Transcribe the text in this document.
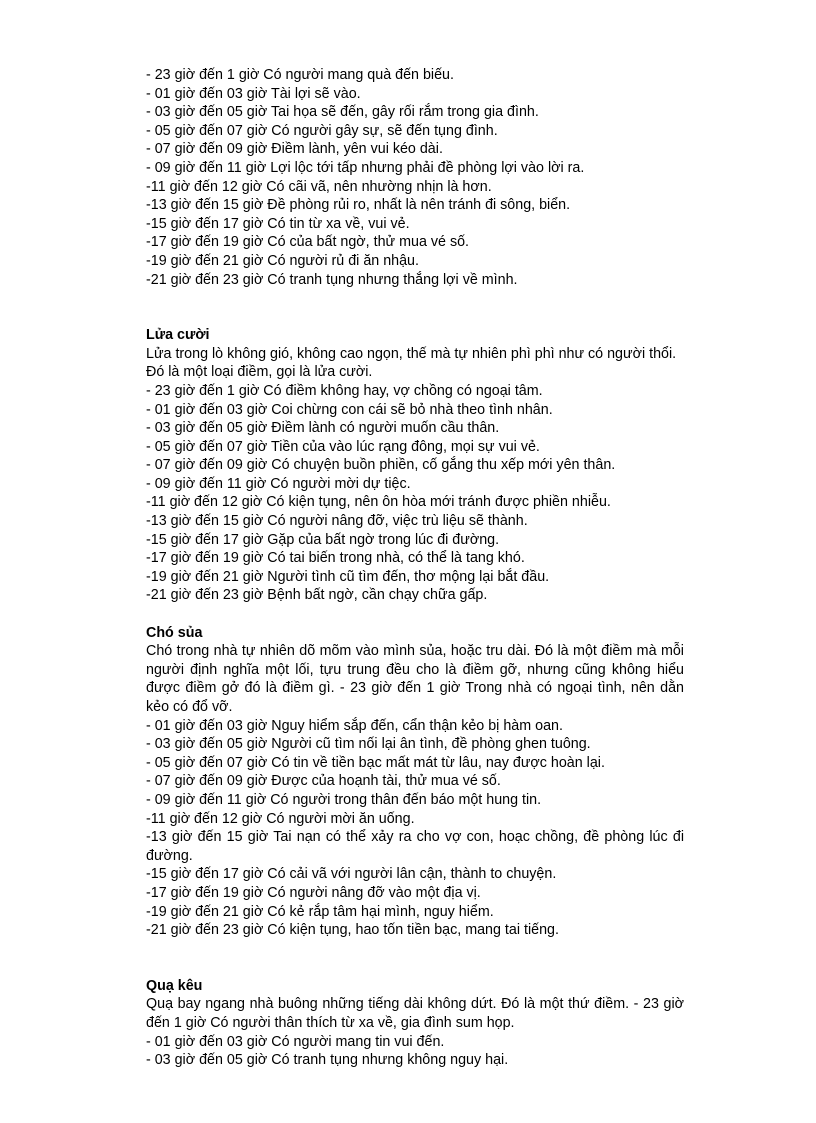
- 23 giờ đến 1 giờ Có người mang quà đến biếu.

- 01 giờ đến 03 giờ Tài lợi sẽ vào.

- 03 giờ đến 05 giờ Tai họa sẽ đến, gây rối rắm trong gia đình.

- 05 giờ đến 07 giờ Có người gây sự, sẽ đến tụng đình.

- 07 giờ đến 09 giờ Điềm lành, yên vui kéo dài.

- 09 giờ đến 11 giờ Lợi lộc tới tấp nhưng phải đề phòng lợi vào lời ra.

-11 giờ đến 12 giờ Có cãi vã, nên nhường nhịn là hơn.

-13 giờ đến 15 giờ Đề phòng rủi ro, nhất là nên tránh đi sông, biển.

-15 giờ đến 17 giờ Có tin từ xa về, vui vẻ.

-17 giờ đến 19 giờ Có của bất ngờ, thử mua vé số.

-19 giờ đến 21 giờ Có người rủ đi ăn nhậu.

-21 giờ đến 23 giờ Có tranh tụng nhưng thắng lợi về mình.

Lửa cười

Lửa trong lò không gió, không cao ngọn, thế mà tự nhiên phì phì như có người thổi.

Đó là một loại điềm, gọi là lửa cười.

- 23 giờ đến 1 giờ Có điềm không hay, vợ chồng có ngoại tâm.

- 01 giờ đến 03 giờ Coi chừng con cái sẽ bỏ nhà theo tình nhân.

- 03 giờ đến 05 giờ Điềm lành có người muốn cầu thân.

- 05 giờ đến 07 giờ Tiền của vào lúc rạng đông, mọi sự vui vẻ.

- 07 giờ đến 09 giờ Có chuyện buồn phiền, cố gắng thu xếp mới yên thân.

- 09 giờ đến 11 giờ Có người mời dự tiệc.

-11 giờ đến 12 giờ Có kiện tụng, nên ôn hòa mới tránh được phiền nhiễu.

-13 giờ đến 15 giờ Có người nâng đỡ, việc trù liệu sẽ thành.

-15 giờ đến 17 giờ Gặp của bất ngờ trong lúc đi đường.

-17 giờ đến 19 giờ Có tai biến trong nhà, có thể là tang khó.

-19 giờ đến 21 giờ Người tình cũ tìm đến, thơ mộng lại bắt đầu.

-21 giờ đến 23 giờ Bệnh bất ngờ, cần chạy chữa gấp.

Chó sủa

Chó trong nhà tự nhiên dõ mõm vào mình sủa, hoặc tru dài. Đó là một điềm mà mỗi người định nghĩa một lối, tựu trung đều cho là điềm gỡ, nhưng cũng không hiểu được điềm gở đó là điềm gì. - 23 giờ đến 1 giờ Trong nhà có ngoại tình, nên dằn kẻo có đổ vỡ.

- 01 giờ đến 03 giờ Nguy hiểm sắp đến, cẩn thận kẻo bị hàm oan.

- 03 giờ đến 05 giờ Người cũ tìm nối lại ân tình, đề phòng ghen tuông.

- 05 giờ đến 07 giờ Có tin về tiền bạc mất mát từ lâu, nay được hoàn lại.

- 07 giờ đến 09 giờ Được của hoạnh tài, thử mua vé số.

- 09 giờ đến 11 giờ Có người trong thân đến báo một hung tin.

-11 giờ đến 12 giờ Có người mời ăn uống.

-13 giờ đến 15 giờ Tai nạn có thể xảy ra cho vợ con, hoạc chồng, đề phòng lúc đi đường.

-15 giờ đến 17 giờ Có cải vã với người lân cận, thành to chuyện.

-17 giờ đến 19 giờ Có người nâng đỡ vào một địa vị.

-19 giờ đến 21 giờ Có kẻ rắp tâm hại mình, nguy hiểm.

-21 giờ đến 23 giờ Có kiện tụng, hao tốn tiền bạc, mang tai tiếng.

Quạ kêu

Quạ bay ngang nhà buông những tiếng dài không dứt. Đó là một thứ điềm. - 23 giờ đến 1 giờ Có người thân thích từ xa về, gia đình sum họp.

- 01 giờ đến 03 giờ Có người mang tin vui đến.

- 03 giờ đến 05 giờ Có tranh tụng nhưng không nguy hại.
